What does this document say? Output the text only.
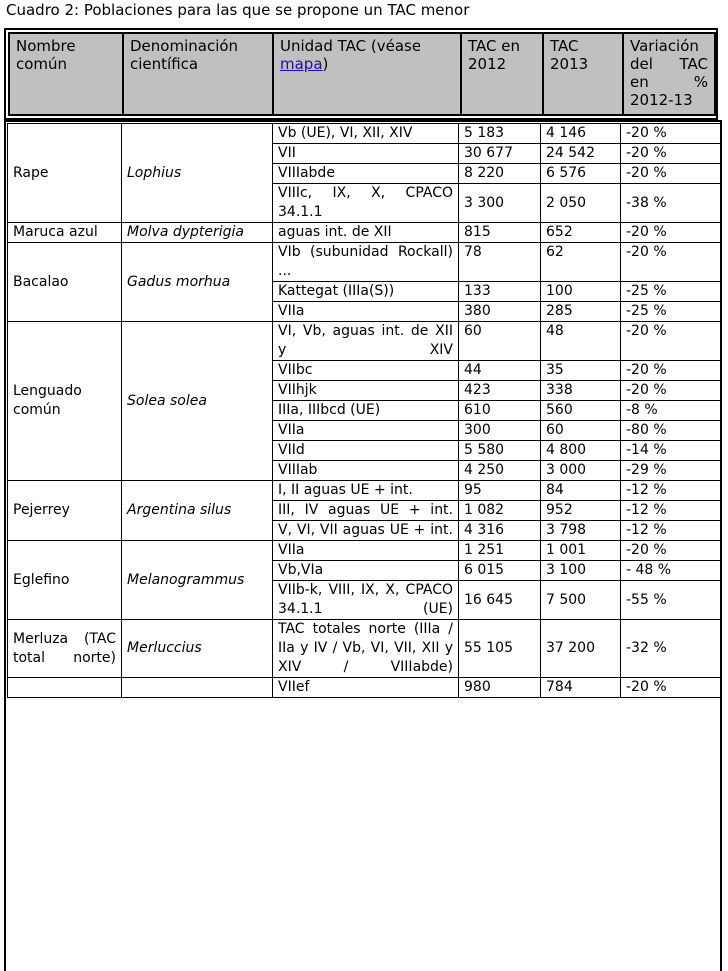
Cuadro 2: Poblaciones para las que se propone un TAC menor
Nombre común	Denominación científica	Unidad TAC (véase mapa)	TAC en 2012	TAC 2013	Variación del TAC en % 2012-13
Rape	Lophius	Vb (UE), VI, XII, XIV	5 183	4 146	-20 %
		VII	30 677	24 542	-20 %
		VIIIabde	8 220	6 576	-20 %
		VIIIc, IX, X, CPACO 34.1.1	3 300	2 050	-38 %
Maruca azul	Molva dypterigia	aguas int. de XII	815	652	-20 %
Bacalao	Gadus morhua	VIb (subunidad Rockall) ...	78	62	-20 %
		Kattegat (IIIa(S))	133	100	-25 %
		VIIa	380	285	-25 %
Lenguado común	Solea solea	VI, Vb, aguas int. de XII y XIV	60	48	-20 %
		VIIbc	44	35	-20 %
		VIIhjk	423	338	-20 %
		IIIa, IIIbcd (UE)	610	560	-8 %
		VIIa	300	60	-80 %
		VIId	5 580	4 800	-14 %
		VIIIab	4 250	3 000	-29 %
Pejerrey	Argentina silus	I, II aguas UE + int.	95	84	-12 %
		III, IV aguas UE + int.	1 082	952	-12 %
		V, VI, VII aguas UE + int.	4 316	3 798	-12 %
Eglefino	Melanogrammus	VIIa	1 251	1 001	-20 %
		Vb,VIa	6 015	3 100	- 48 %
		VIIb-k, VIII, IX, X, CPACO 34.1.1 (UE)	16 645	7 500	-55 %
Merluza (TAC total norte)	Merluccius	TAC totales norte (IIIa / IIa y IV / Vb, VI, VII, XII y XIV / VIIIabde)	55 105	37 200	-32 %
		VIIef	980	784	-20 %
